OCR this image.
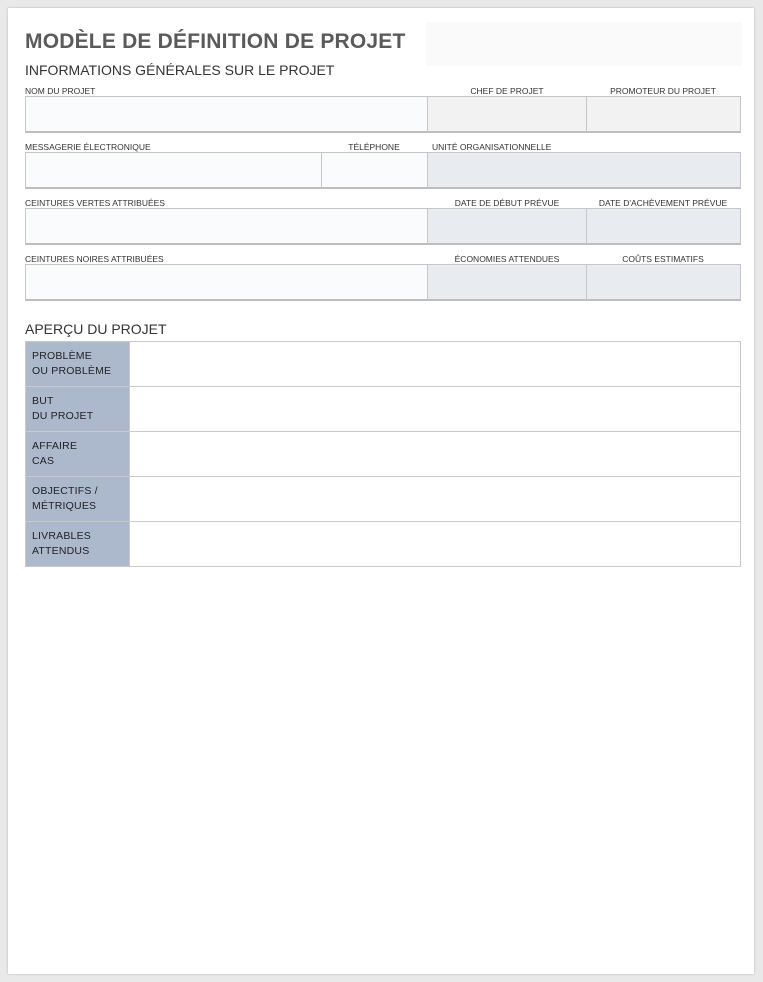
MODÈLE DE DÉFINITION DE PROJET
INFORMATIONS GÉNÉRALES SUR LE PROJET
NOM DU PROJET	CHEF DE PROJET	PROMOTEUR DU PROJET
MESSAGERIE ÉLECTRONIQUE	TÉLÉPHONE	UNITÉ ORGANISATIONNELLE
CEINTURES VERTES ATTRIBUÉES	DATE DE DÉBUT PRÉVUE	DATE D'ACHÈVEMENT PRÉVUE
CEINTURES NOIRES ATTRIBUÉES	ÉCONOMIES ATTENDUES	COÛTS ESTIMATIFS
APERÇU DU PROJET
PROBLÈME
OU PROBLÈME	

BUT
DU PROJET	

AFFAIRE
CAS	

OBJECTIFS /
MÉTRIQUES	

LIVRABLES
ATTENDUS	
